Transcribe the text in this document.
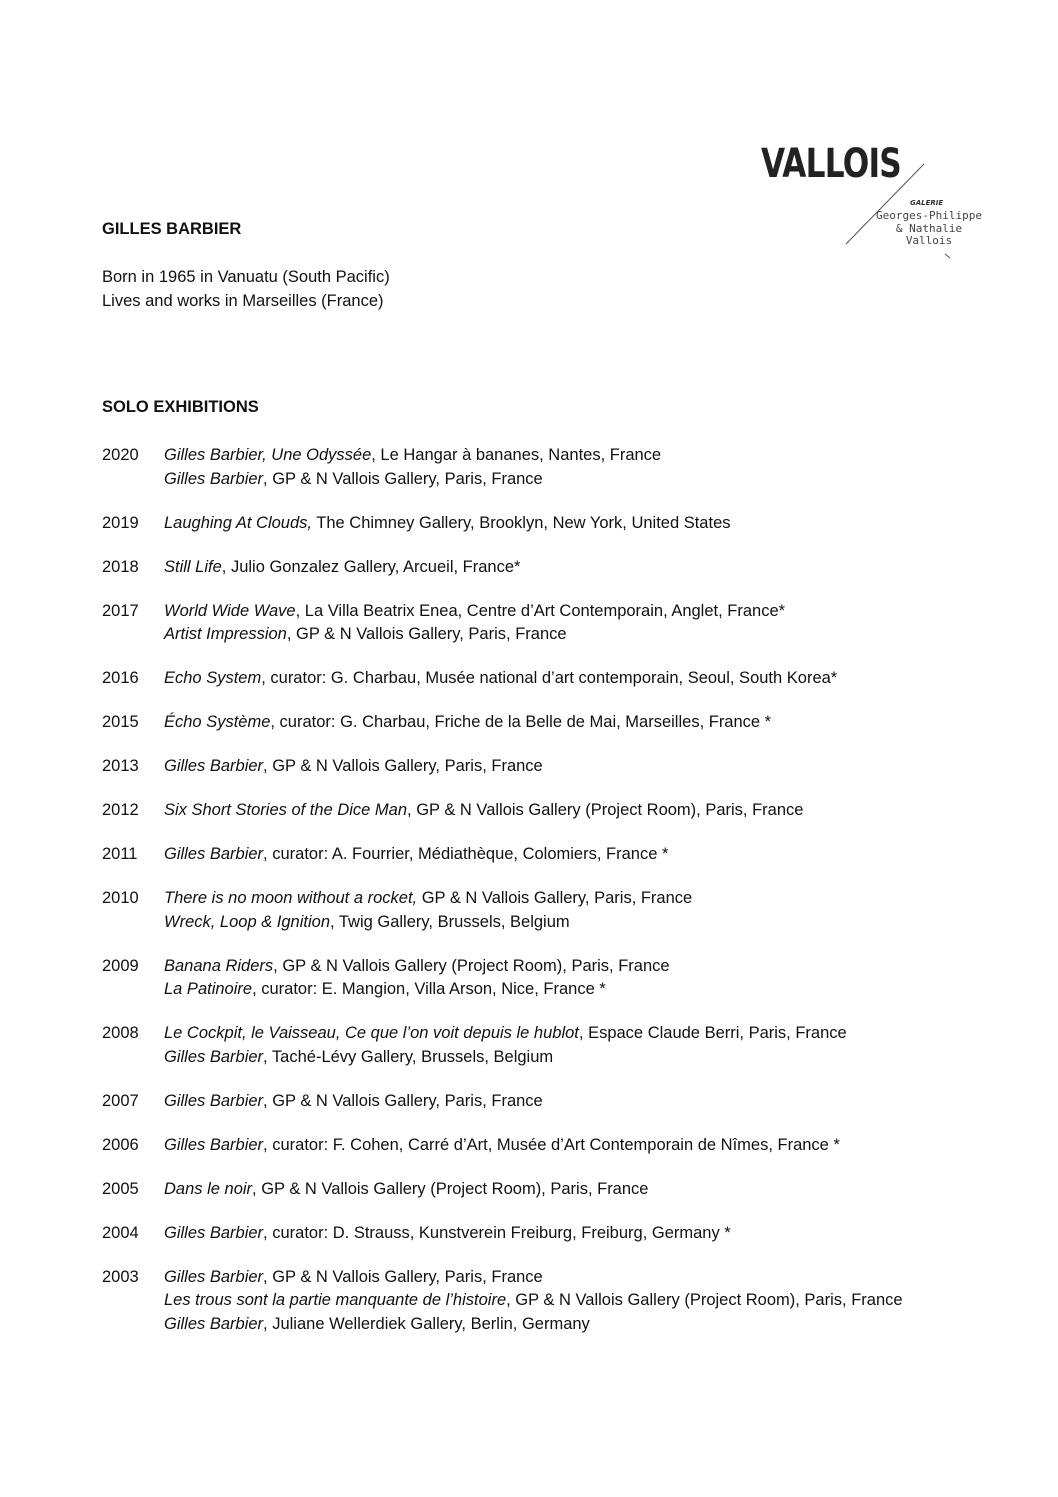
VALLOIS
GALERIE
Georges-Philippe
& Nathalie
Vallois
GILLES BARBIER
Born in 1965 in Vanuatu (South Pacific)
Lives and works in Marseilles (France)
SOLO EXHIBITIONS
2020	Gilles Barbier, Une Odyssée, Le Hangar à bananes, Nantes, France
Gilles Barbier, GP & N Vallois Gallery, Paris, France
2019	Laughing At Clouds, The Chimney Gallery, Brooklyn, New York, United States
2018	Still Life, Julio Gonzalez Gallery, Arcueil, France*
2017	World Wide Wave, La Villa Beatrix Enea, Centre d’Art Contemporain, Anglet, France*
Artist Impression, GP & N Vallois Gallery, Paris, France
2016	Echo System, curator: G. Charbau, Musée national d’art contemporain, Seoul, South Korea*
2015	Écho Système, curator: G. Charbau, Friche de la Belle de Mai, Marseilles, France *
2013	Gilles Barbier, GP & N Vallois Gallery, Paris, France
2012	Six Short Stories of the Dice Man, GP & N Vallois Gallery (Project Room), Paris, France
2011	Gilles Barbier, curator: A. Fourrier, Médiathèque, Colomiers, France *
2010	There is no moon without a rocket, GP & N Vallois Gallery, Paris, France
Wreck, Loop & Ignition, Twig Gallery, Brussels, Belgium
2009	Banana Riders, GP & N Vallois Gallery (Project Room), Paris, France
La Patinoire, curator: E. Mangion, Villa Arson, Nice, France *
2008	Le Cockpit, le Vaisseau, Ce que l’on voit depuis le hublot, Espace Claude Berri, Paris, France
Gilles Barbier, Taché-Lévy Gallery, Brussels, Belgium
2007	Gilles Barbier, GP & N Vallois Gallery, Paris, France
2006	Gilles Barbier, curator: F. Cohen, Carré d’Art, Musée d’Art Contemporain de Nîmes, France *
2005	Dans le noir, GP & N Vallois Gallery (Project Room), Paris, France
2004	Gilles Barbier, curator: D. Strauss, Kunstverein Freiburg, Freiburg, Germany *
2003	Gilles Barbier, GP & N Vallois Gallery, Paris, France
Les trous sont la partie manquante de l’histoire, GP & N Vallois Gallery (Project Room), Paris, France
Gilles Barbier, Juliane Wellerdiek Gallery, Berlin, Germany
